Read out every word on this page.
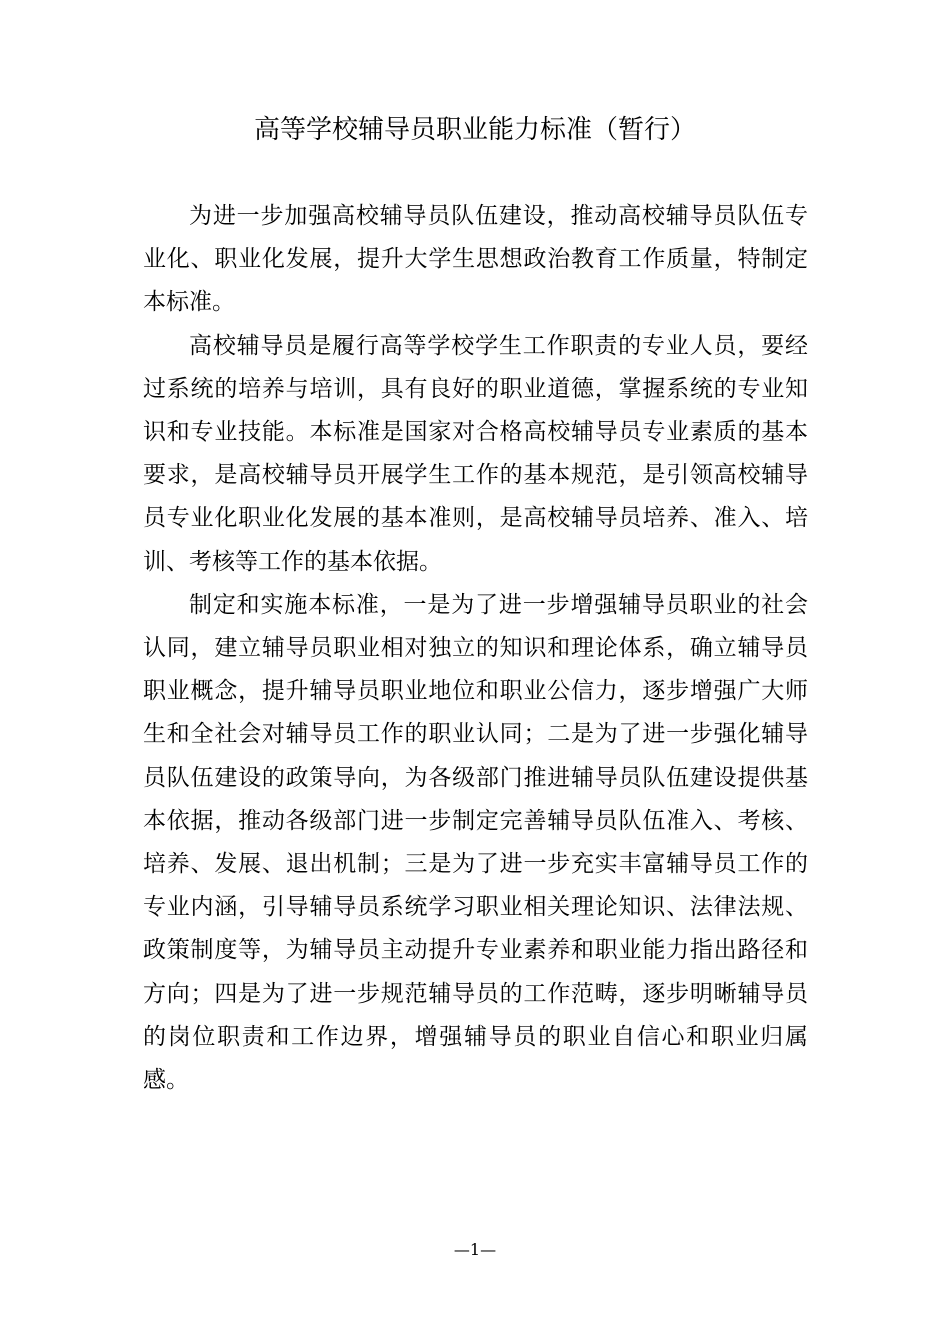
高等学校辅导员职业能力标准（暂行）

为进一步加强高校辅导员队伍建设，推动高校辅导员队伍专业化、职业化发展，提升大学生思想政治教育工作质量，特制定本标准。

高校辅导员是履行高等学校学生工作职责的专业人员，要经过系统的培养与培训，具有良好的职业道德，掌握系统的专业知识和专业技能。本标准是国家对合格高校辅导员专业素质的基本要求，是高校辅导员开展学生工作的基本规范，是引领高校辅导员专业化职业化发展的基本准则，是高校辅导员培养、准入、培训、考核等工作的基本依据。

制定和实施本标准，一是为了进一步增强辅导员职业的社会认同，建立辅导员职业相对独立的知识和理论体系，确立辅导员职业概念，提升辅导员职业地位和职业公信力，逐步增强广大师生和全社会对辅导员工作的职业认同；二是为了进一步强化辅导员队伍建设的政策导向，为各级部门推进辅导员队伍建设提供基本依据，推动各级部门进一步制定完善辅导员队伍准入、考核、培养、发展、退出机制；三是为了进一步充实丰富辅导员工作的专业内涵，引导辅导员系统学习职业相关理论知识、法律法规、政策制度等，为辅导员主动提升专业素养和职业能力指出路径和方向；四是为了进一步规范辅导员的工作范畴，逐步明晰辅导员的岗位职责和工作边界，增强辅导员的职业自信心和职业归属感。

—1—
